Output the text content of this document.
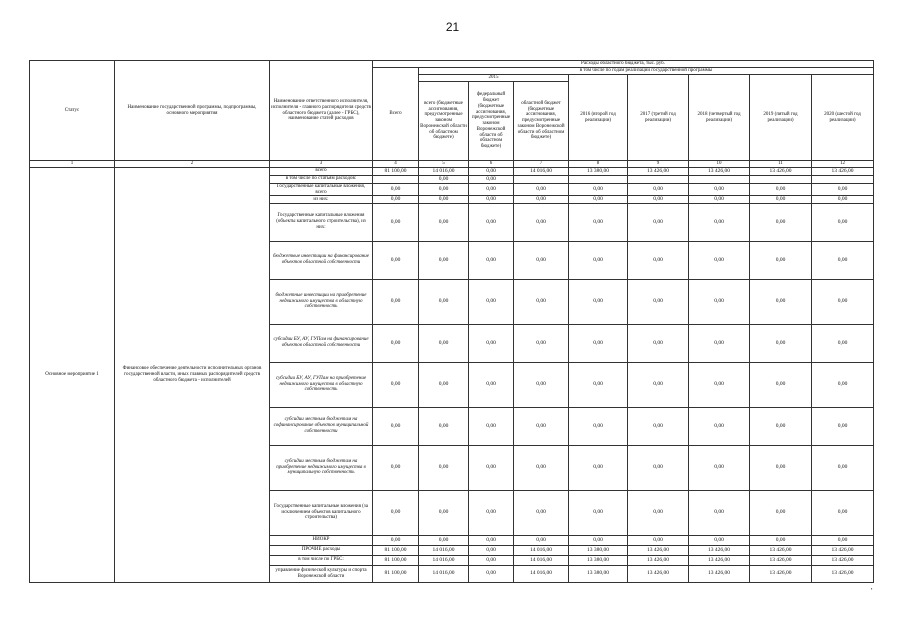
21
Статус	Наименование государственной программы, подпрограммы, основного мероприятия	Наименование ответственного исполнителя, исполнителя - главного распорядителя средств областного бюджета (далее - ГРБС), наименование статей расходов	Расходы областного бюджета, тыс. руб.								
			Всего	в том числе по годам реализации государственной программы							
				2015			2016 (второй год реализации)	2017 (третий год реализации)	2018 (четвертый год реализации)	2019 (пятый год реализации)	2020 (шестой год реализации)
				всего (бюджетные ассигнования, предусмотренные законом Воронежской области об областном бюджете)	федеральный бюджет (бюджетные ассигнования, предусмотренные законом Воронежской области об областном бюджете)	областной бюджет (бюджетные ассигнования, предусмотренные законом Воронежской области об областном бюджете)					
1	2	3	4	5	6	7	8	9	10	11	12
Основное мероприятие 1	Финансовое обеспечение деятельности исполнительных органов государственной власти, иных главных распорядителей средств областного бюджета - исполнителей	всего	81 100,00	14 016,00	0,00	14 016,00	13 380,00	13 426,00	13 426,00	13 426,00	13 426,00
		в том числе по статьям расходов:		0,00	0,00						
		Государственные капитальные вложения, всего	0,00	0,00	0,00	0,00	0,00	0,00	0,00	0,00	0,00
		из них:	0,00	0,00	0,00	0,00	0,00	0,00	0,00	0,00	0,00
		Государственные капитальные вложения (объекты капитального строительства), из них:	0,00	0,00	0,00	0,00	0,00	0,00	0,00	0,00	0,00
		бюджетные инвестиции на финансирование объектов областной собственности	0,00	0,00	0,00	0,00	0,00	0,00	0,00	0,00	0,00
		бюджетные инвестиции на приобретение недвижимого имущества в областную собственность	0,00	0,00	0,00	0,00	0,00	0,00	0,00	0,00	0,00
		субсидии БУ, АУ, ГУПам на финансирование объектов областной собственности	0,00	0,00	0,00	0,00	0,00	0,00	0,00	0,00	0,00
		субсидии БУ, АУ, ГУПам на приобретение недвижимого имущества в областную собственность	0,00	0,00	0,00	0,00	0,00	0,00	0,00	0,00	0,00
		субсидии местным бюджетам на софинансирование объектов муниципальной собственности	0,00	0,00	0,00	0,00	0,00	0,00	0,00	0,00	0,00
		субсидии местным бюджетам на приобретение недвижимого имущества в муниципальную собственность	0,00	0,00	0,00	0,00	0,00	0,00	0,00	0,00	0,00
		Государственные капитальные вложения (за исключением объектов капитального строительства)	0,00	0,00	0,00	0,00	0,00	0,00	0,00	0,00	0,00
		НИОКР	0,00	0,00	0,00	0,00	0,00	0,00	0,00	0,00	0,00
		ПРОЧИЕ расходы	81 100,00	14 016,00	0,00	14 016,00	13 380,00	13 426,00	13 426,00	13 426,00	13 426,00
		в том числе по ГРБС:	81 100,00	14 016,00	0,00	14 016,00	13 380,00	13 426,00	13 426,00	13 426,00	13 426,00
		управление физической культуры и спорта Воронежской области	81 100,00	14 016,00	0,00	14 016,00	13 380,00	13 426,00	13 426,00	13 426,00	13 426,00
▪
